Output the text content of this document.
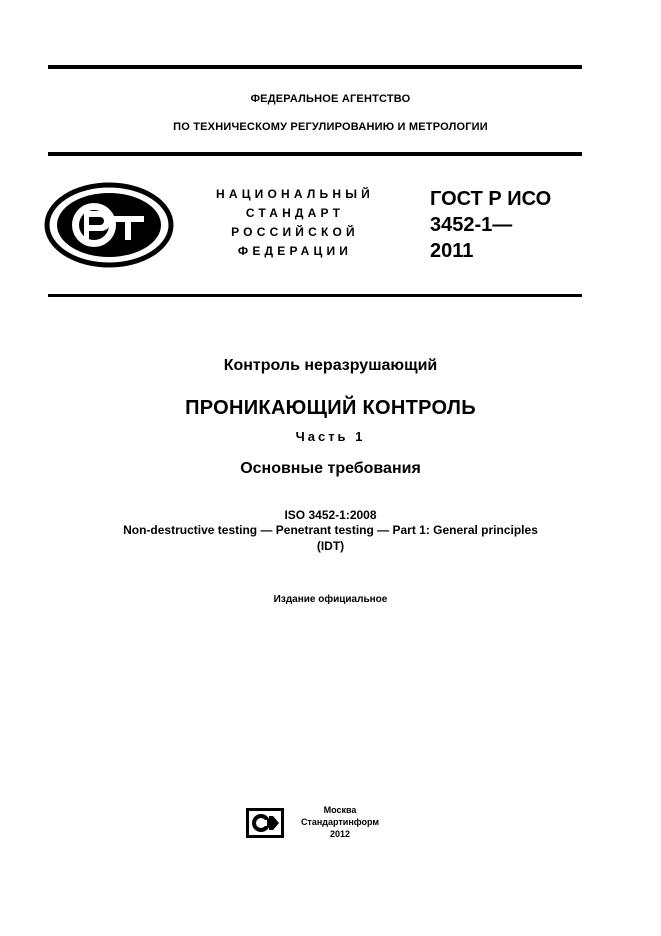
ФЕДЕРАЛЬНОЕ АГЕНТСТВО
ПО ТЕХНИЧЕСКОМУ РЕГУЛИРОВАНИЮ И МЕТРОЛОГИИ
НАЦИОНАЛЬНЫЙ
СТАНДАРТ
РОССИЙСКОЙ
ФЕДЕРАЦИИ
ГОСТ Р ИСО
3452-1—
2011
Контроль неразрушающий
ПРОНИКАЮЩИЙ КОНТРОЛЬ
Часть 1
Основные требования
ISO 3452-1:2008
Non-destructive testing — Penetrant testing — Part 1: General principles
(IDT)
Издание официальное
Москва
Стандартинформ
2012
